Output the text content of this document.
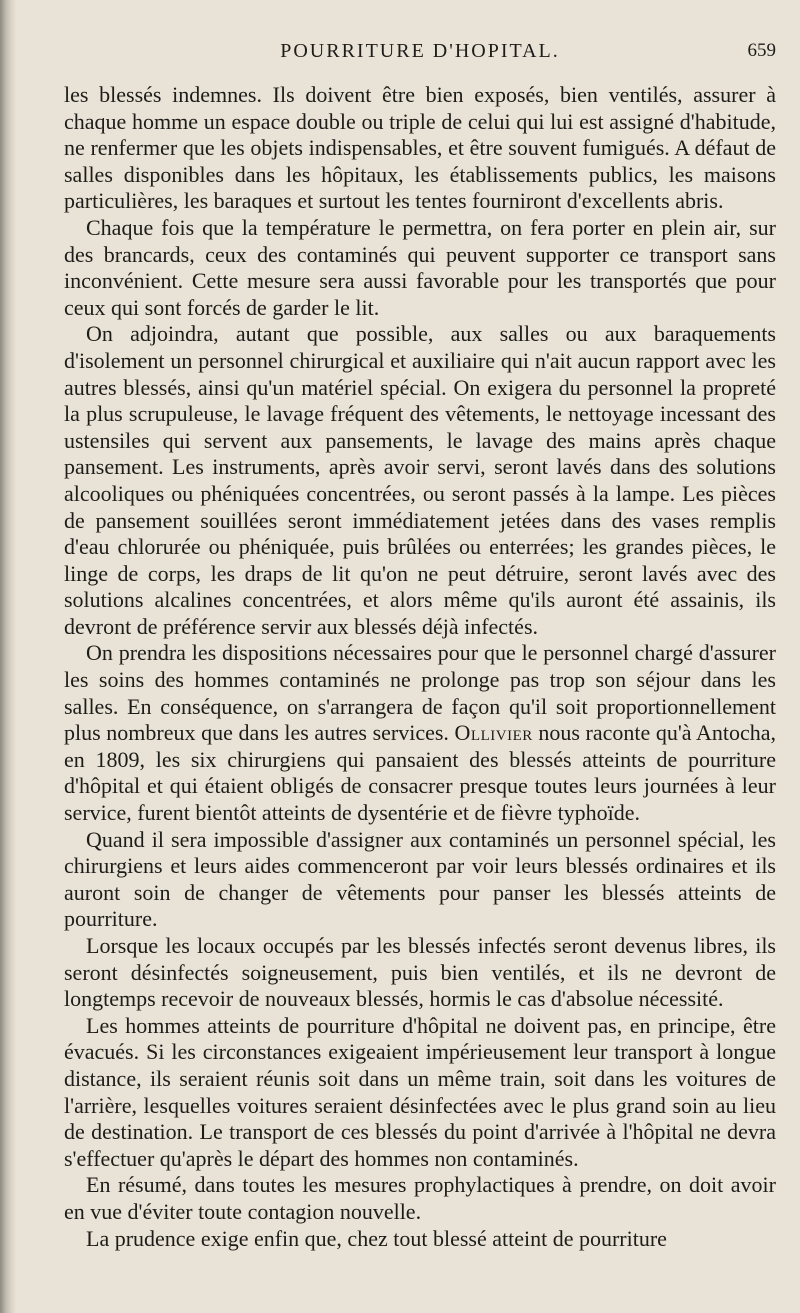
POURRITURE D'HOPITAL.	659

les blessés indemnes. Ils doivent être bien exposés, bien ventilés, assurer à chaque homme un espace double ou triple de celui qui lui est assigné d'habitude, ne renfermer que les objets indispensables, et être souvent fumigués. A défaut de salles disponibles dans les hôpitaux, les établissements publics, les maisons particulières, les baraques et surtout les tentes fourniront d'excellents abris.

Chaque fois que la température le permettra, on fera porter en plein air, sur des brancards, ceux des contaminés qui peuvent supporter ce transport sans inconvénient. Cette mesure sera aussi favorable pour les transportés que pour ceux qui sont forcés de garder le lit.

On adjoindra, autant que possible, aux salles ou aux baraquements d'isolement un personnel chirurgical et auxiliaire qui n'ait aucun rapport avec les autres blessés, ainsi qu'un matériel spécial. On exigera du personnel la propreté la plus scrupuleuse, le lavage fréquent des vêtements, le nettoyage incessant des ustensiles qui servent aux pansements, le lavage des mains après chaque pansement. Les instruments, après avoir servi, seront lavés dans des solutions alcooliques ou phéniquées concentrées, ou seront passés à la lampe. Les pièces de pansement souillées seront immédiatement jetées dans des vases remplis d'eau chlorurée ou phéniquée, puis brûlées ou enterrées; les grandes pièces, le linge de corps, les draps de lit qu'on ne peut détruire, seront lavés avec des solutions alcalines concentrées, et alors même qu'ils auront été assainis, ils devront de préférence servir aux blessés déjà infectés.

On prendra les dispositions nécessaires pour que le personnel chargé d'assurer les soins des hommes contaminés ne prolonge pas trop son séjour dans les salles. En conséquence, on s'arrangera de façon qu'il soit proportionnellement plus nombreux que dans les autres services. Ollivier nous raconte qu'à Antocha, en 1809, les six chirurgiens qui pansaient des blessés atteints de pourriture d'hôpital et qui étaient obligés de consacrer presque toutes leurs journées à leur service, furent bientôt atteints de dysentérie et de fièvre typhoïde.

Quand il sera impossible d'assigner aux contaminés un personnel spécial, les chirurgiens et leurs aides commenceront par voir leurs blessés ordinaires et ils auront soin de changer de vêtements pour panser les blessés atteints de pourriture.

Lorsque les locaux occupés par les blessés infectés seront devenus libres, ils seront désinfectés soigneusement, puis bien ventilés, et ils ne devront de longtemps recevoir de nouveaux blessés, hormis le cas d'absolue nécessité.

Les hommes atteints de pourriture d'hôpital ne doivent pas, en principe, être évacués. Si les circonstances exigeaient impérieusement leur transport à longue distance, ils seraient réunis soit dans un même train, soit dans les voitures de l'arrière, lesquelles voitures seraient désinfectées avec le plus grand soin au lieu de destination. Le transport de ces blessés du point d'arrivée à l'hôpital ne devra s'effectuer qu'après le départ des hommes non contaminés.

En résumé, dans toutes les mesures prophylactiques à prendre, on doit avoir en vue d'éviter toute contagion nouvelle.

La prudence exige enfin que, chez tout blessé atteint de pourriture
